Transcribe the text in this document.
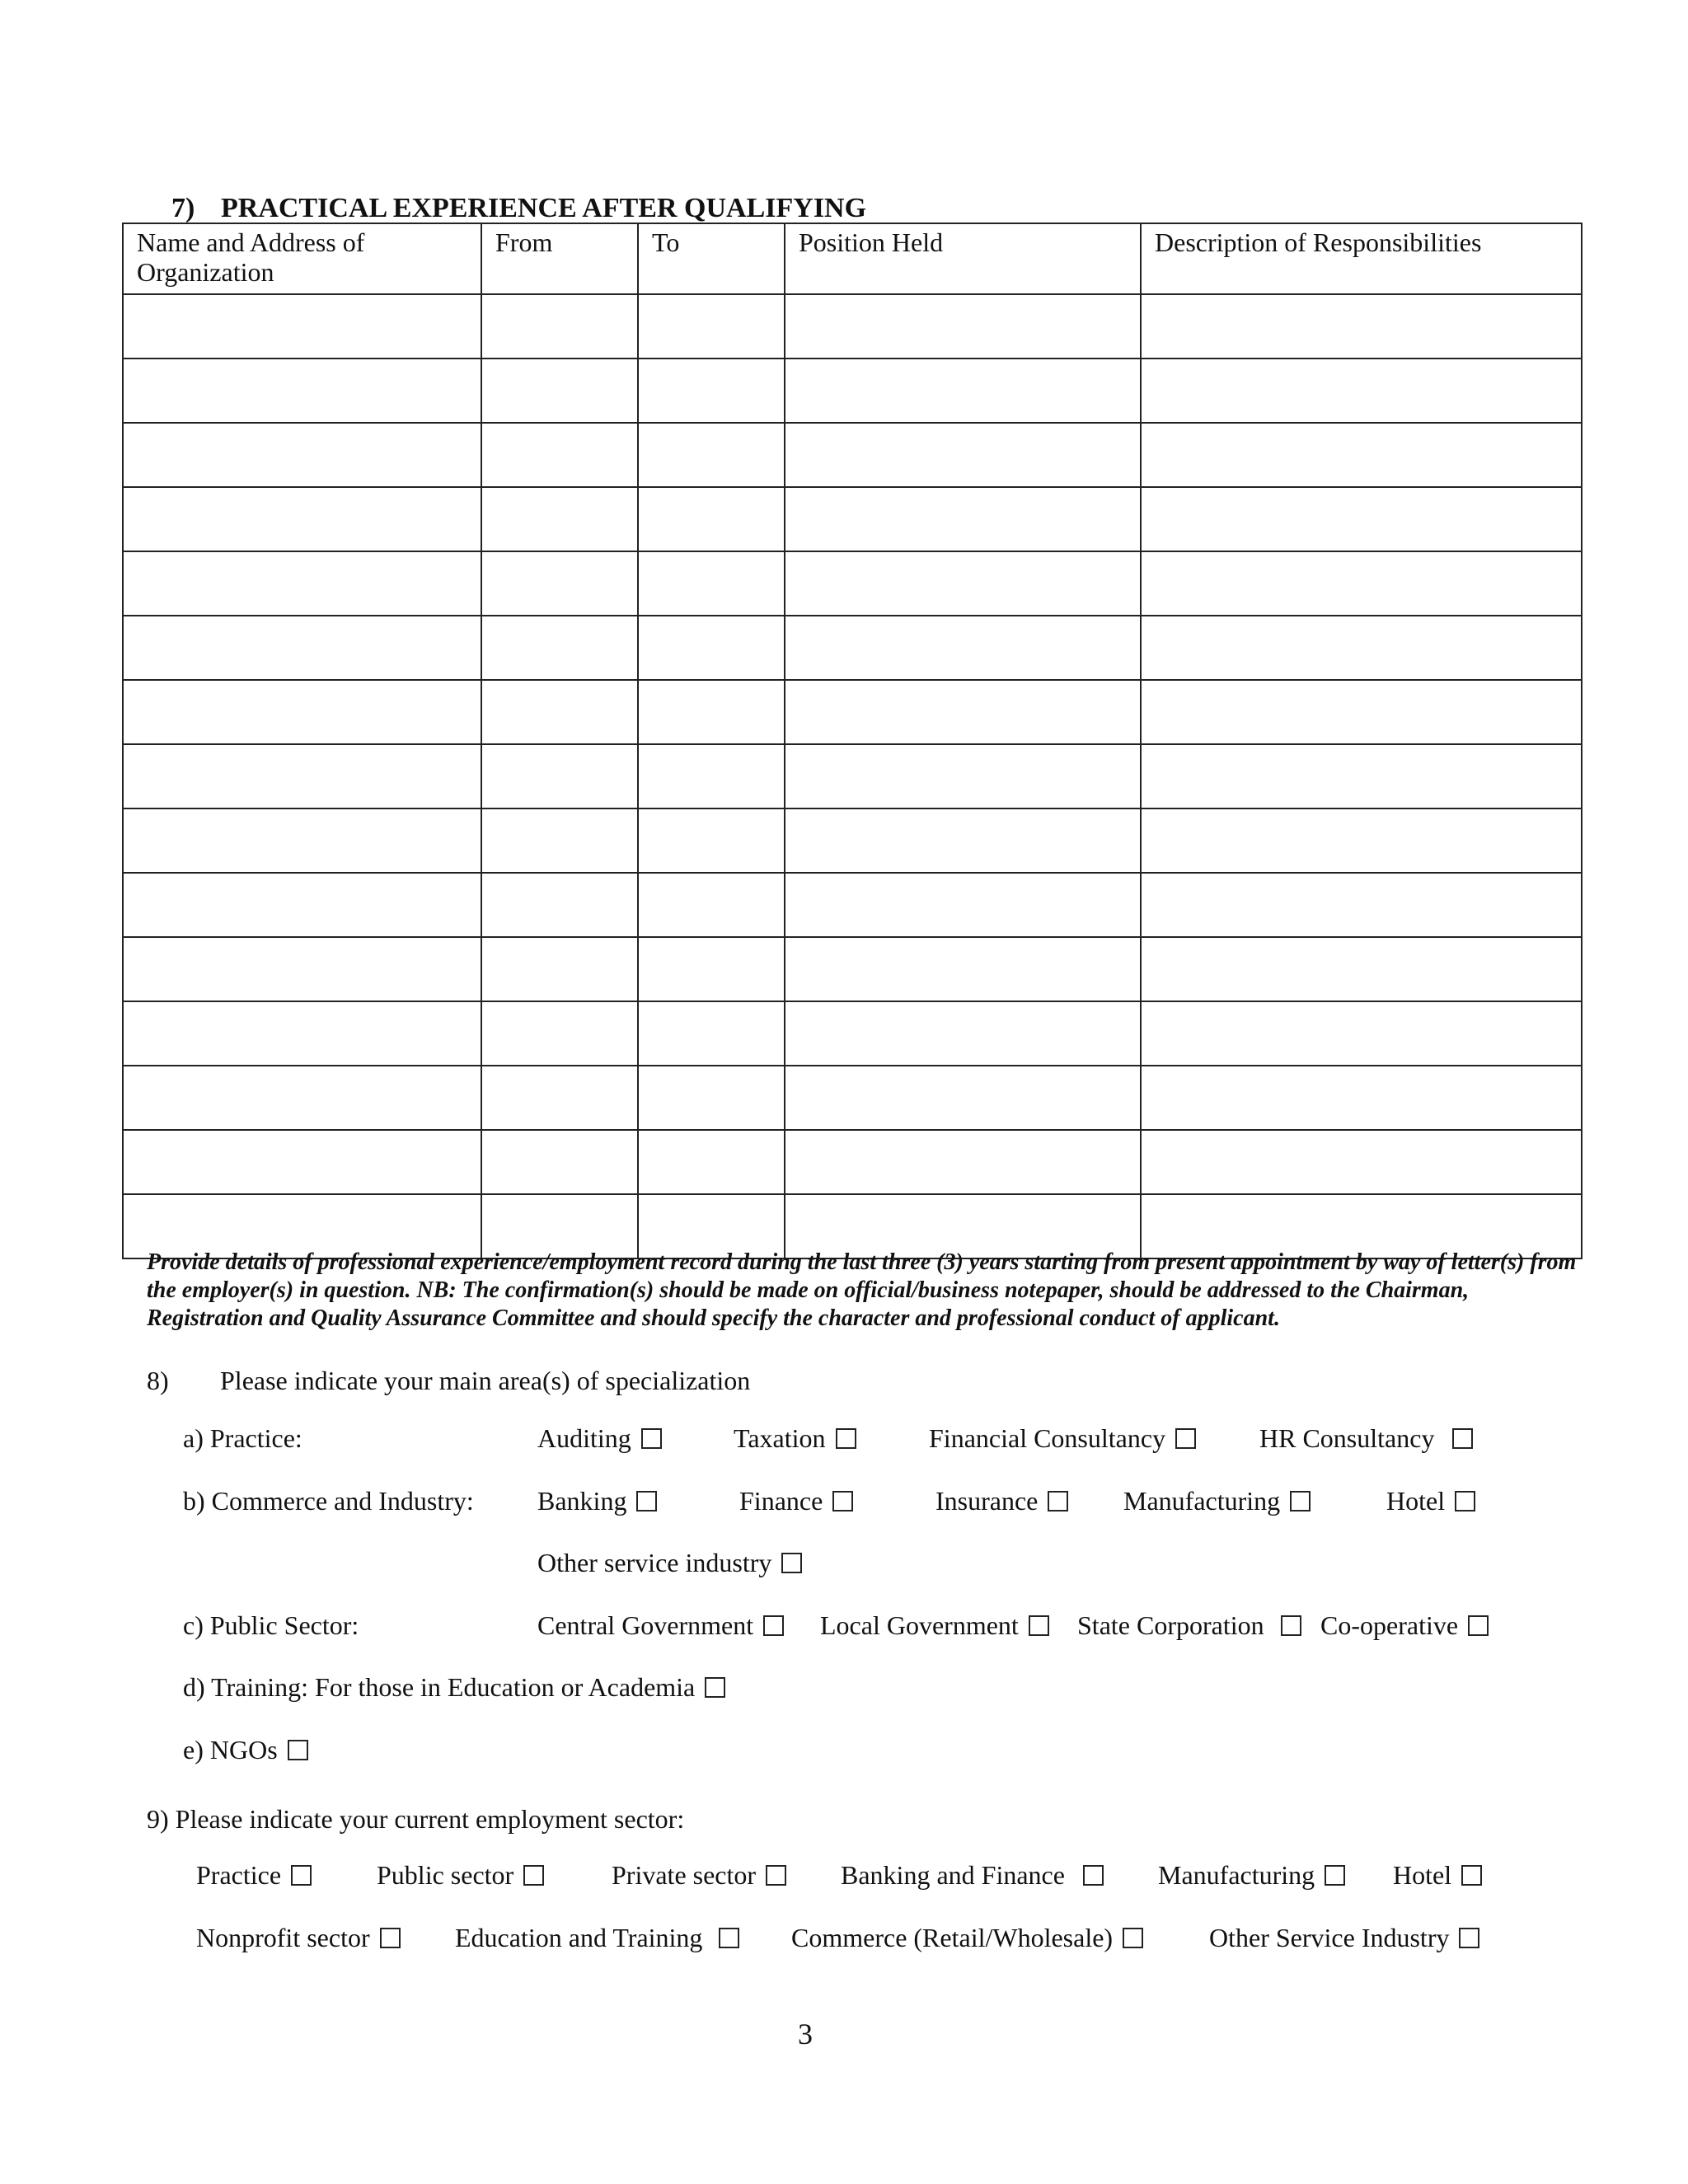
7) PRACTICAL EXPERIENCE AFTER QUALIFYING
Name and Address of Organization	From	To	Position Held	Description of Responsibilities

Provide details of professional experience/employment record during the last three (3) years starting from present appointment by way of letter(s) from the employer(s) in question. NB: The confirmation(s) should be made on official/business notepaper, should be addressed to the Chairman, Registration and Quality Assurance Committee and should specify the character and professional conduct of applicant.
8) Please indicate your main area(s) of specialization
a) Practice:	Auditing	Taxation	Financial Consultancy	HR Consultancy
b) Commerce and Industry: Banking	Finance	Insurance	Manufacturing	Hotel
Other service industry
c) Public Sector:	Central Government	Local Government State Corporation Co-operative
d) Training: For those in Education or Academia
e) NGOs
9) Please indicate your current employment sector:
Practice	Public sector	Private sector	Banking and Finance	Manufacturing	Hotel
Nonprofit sector	Education and Training	Commerce (Retail/Wholesale)	Other Service Industry
3
